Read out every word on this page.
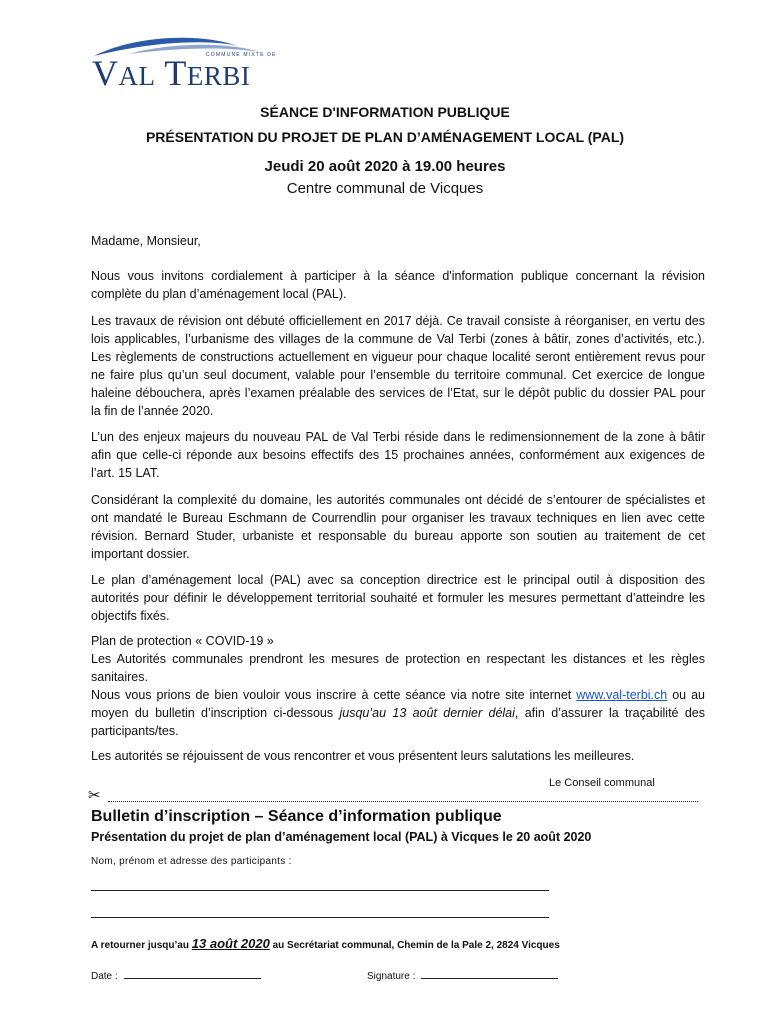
VAL TERBI
COMMUNE MIXTE DE
SÉANCE D'INFORMATION PUBLIQUE
PRÉSENTATION DU PROJET DE PLAN D’AMÉNAGEMENT LOCAL (PAL)
Jeudi 20 août 2020 à 19.00 heures
Centre communal de Vicques
Madame, Monsieur,
Nous vous invitons cordialement à participer à la séance d'information publique concernant la révision complète du plan d’aménagement local (PAL).
Les travaux de révision ont débuté officiellement en 2017 déjà. Ce travail consiste à réorganiser, en vertu des lois applicables, l’urbanisme des villages de la commune de Val Terbi (zones à bâtir, zones d’activités, etc.). Les règlements de constructions actuellement en vigueur pour chaque localité seront entièrement revus pour ne faire plus qu’un seul document, valable pour l’ensemble du territoire communal. Cet exercice de longue haleine débouchera, après l’examen préalable des services de l’Etat, sur le dépôt public du dossier PAL pour la fin de l’année 2020.
L’un des enjeux majeurs du nouveau PAL de Val Terbi réside dans le redimensionnement de la zone à bâtir afin que celle-ci réponde aux besoins effectifs des 15 prochaines années, conformément aux exigences de l’art. 15 LAT.
Considérant la complexité du domaine, les autorités communales ont décidé de s’entourer de spécialistes et ont mandaté le Bureau Eschmann de Courrendlin pour organiser les travaux techniques en lien avec cette révision. Bernard Studer, urbaniste et responsable du bureau apporte son soutien au traitement de cet important dossier.
Le plan d’aménagement local (PAL) avec sa conception directrice est le principal outil à disposition des autorités pour définir le développement territorial souhaité et formuler les mesures permettant d’atteindre les objectifs fixés.

Plan de protection « COVID-19 »

Les Autorités communales prendront les mesures de protection en respectant les distances et les règles sanitaires.

Nous vous prions de bien vouloir vous inscrire à cette séance via notre site internet www.val-terbi.ch ou au moyen du bulletin d’inscription ci-dessous jusqu’au 13 août dernier délai, afin d’assurer la traçabilité des participants/tes.

Les autorités se réjouissent de vous rencontrer et vous présentent leurs salutations les meilleures.
Le Conseil communal
✂
Bulletin d’inscription – Séance d’information publique
Présentation du projet de plan d’aménagement local (PAL) à Vicques le 20 août 2020
Nom, prénom et adresse des participants :
A retourner jusqu’au 13 août 2020 au Secrétariat communal, Chemin de la Pale 2, 2824 Vicques
Date :	Signature :
